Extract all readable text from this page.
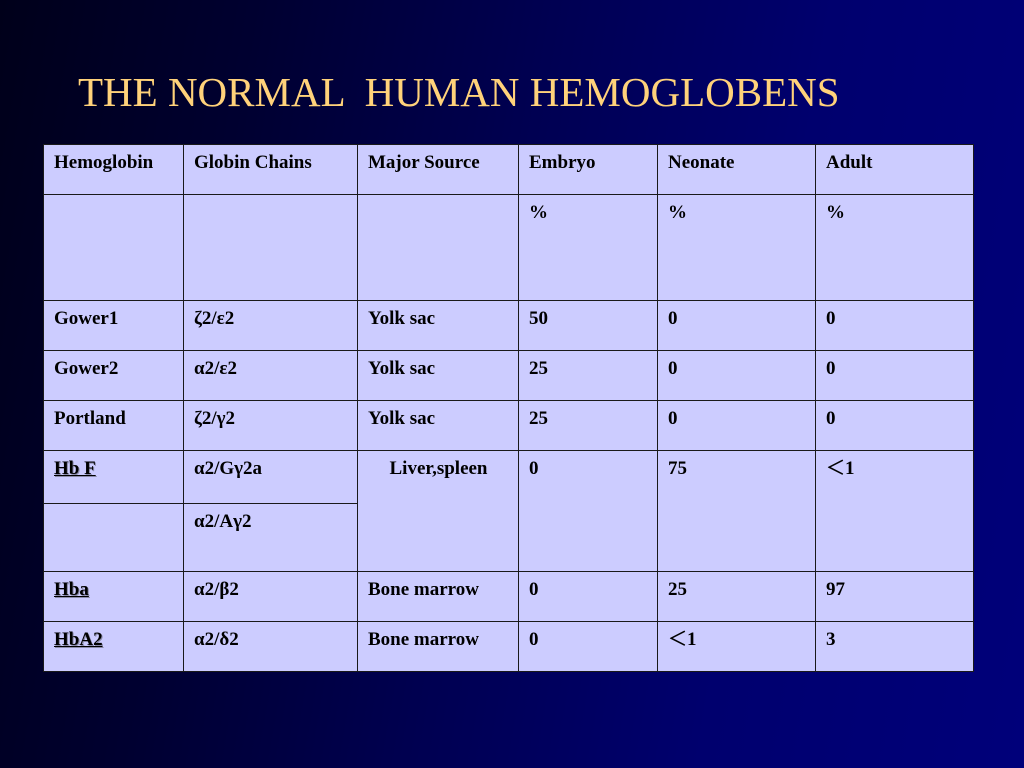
THE NORMAL  HUMAN HEMOGLOBENS
Hemoglobin	Globin Chains	Major Source	Embryo	Neonate	Adult
			%	%	%
Gower1	ζ2/ε2	Yolk sac	50	0	0
Gower2	α2/ε2	Yolk sac	25	0	0
Portland	ζ2/γ2	Yolk sac	25	0	0
Hb F	α2/Gγ2a	Liver,spleen	0	75	＜1
	α2/Aγ2				
Hba	α2/β2	Bone marrow	0	25	97
HbA2	α2/δ2	Bone marrow	0	＜1	3
